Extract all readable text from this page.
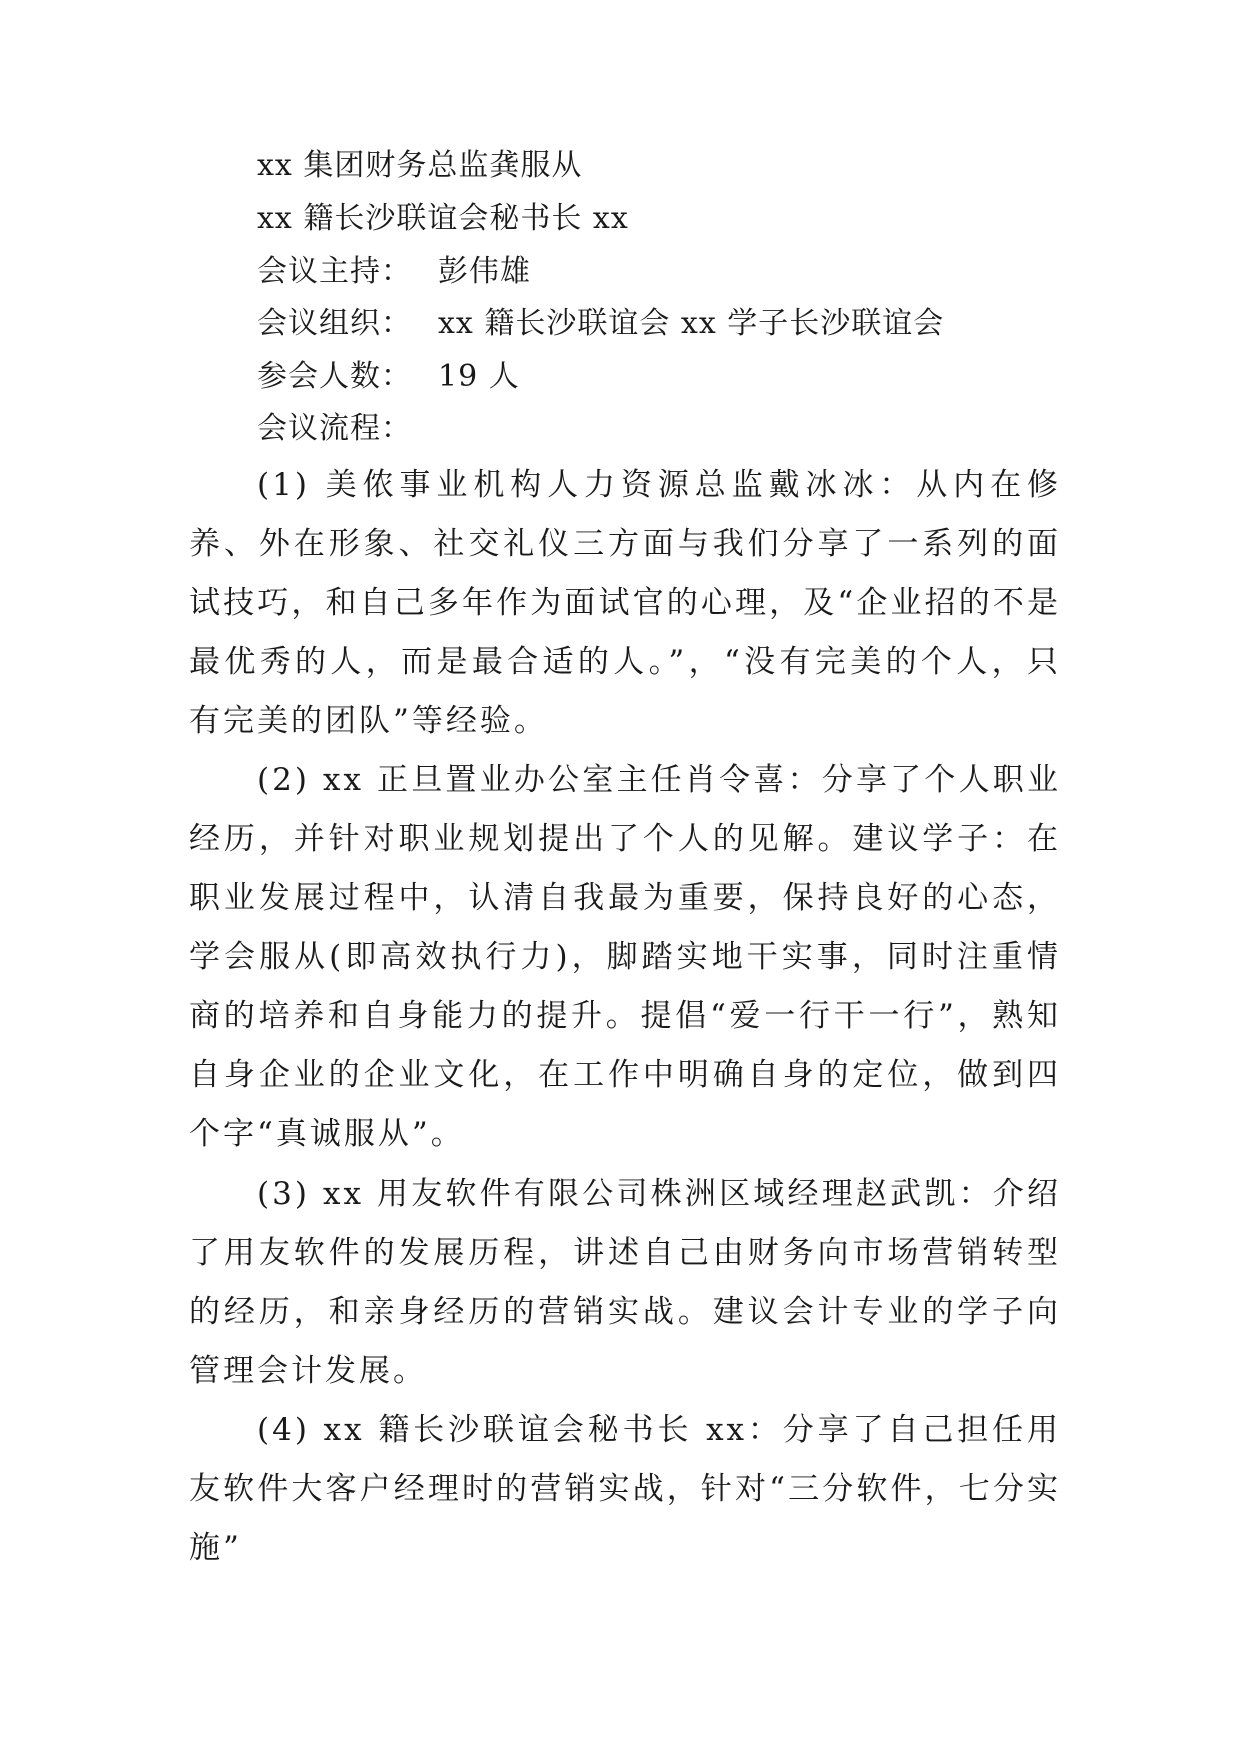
xx 集团财务总监龚服从
xx 籍长沙联谊会秘书长 xx
会议主持： 彭伟雄
会议组织： xx 籍长沙联谊会 xx 学子长沙联谊会
参会人数： 19 人
会议流程：

(1) 美侬事业机构人力资源总监戴冰冰：从内在修养、外在形象、社交礼仪三方面与我们分享了一系列的面试技巧，和自己多年作为面试官的心理，及“企业招的不是最优秀的人，而是最合适的人。”，“没有完美的个人，只有完美的团队”等经验。

(2) xx 正旦置业办公室主任肖令喜：分享了个人职业经历，并针对职业规划提出了个人的见解。建议学子：在职业发展过程中，认清自我最为重要，保持良好的心态，学会服从(即高效执行力)，脚踏实地干实事，同时注重情商的培养和自身能力的提升。提倡“爱一行干一行”，熟知自身企业的企业文化，在工作中明确自身的定位，做到四个字“真诚服从”。

(3) xx 用友软件有限公司株洲区域经理赵武凯：介绍了用友软件的发展历程，讲述自己由财务向市场营销转型的经历，和亲身经历的营销实战。建议会计专业的学子向管理会计发展。

(4) xx 籍长沙联谊会秘书长 xx：分享了自己担任用友软件大客户经理时的营销实战，针对“三分软件，七分实施”
